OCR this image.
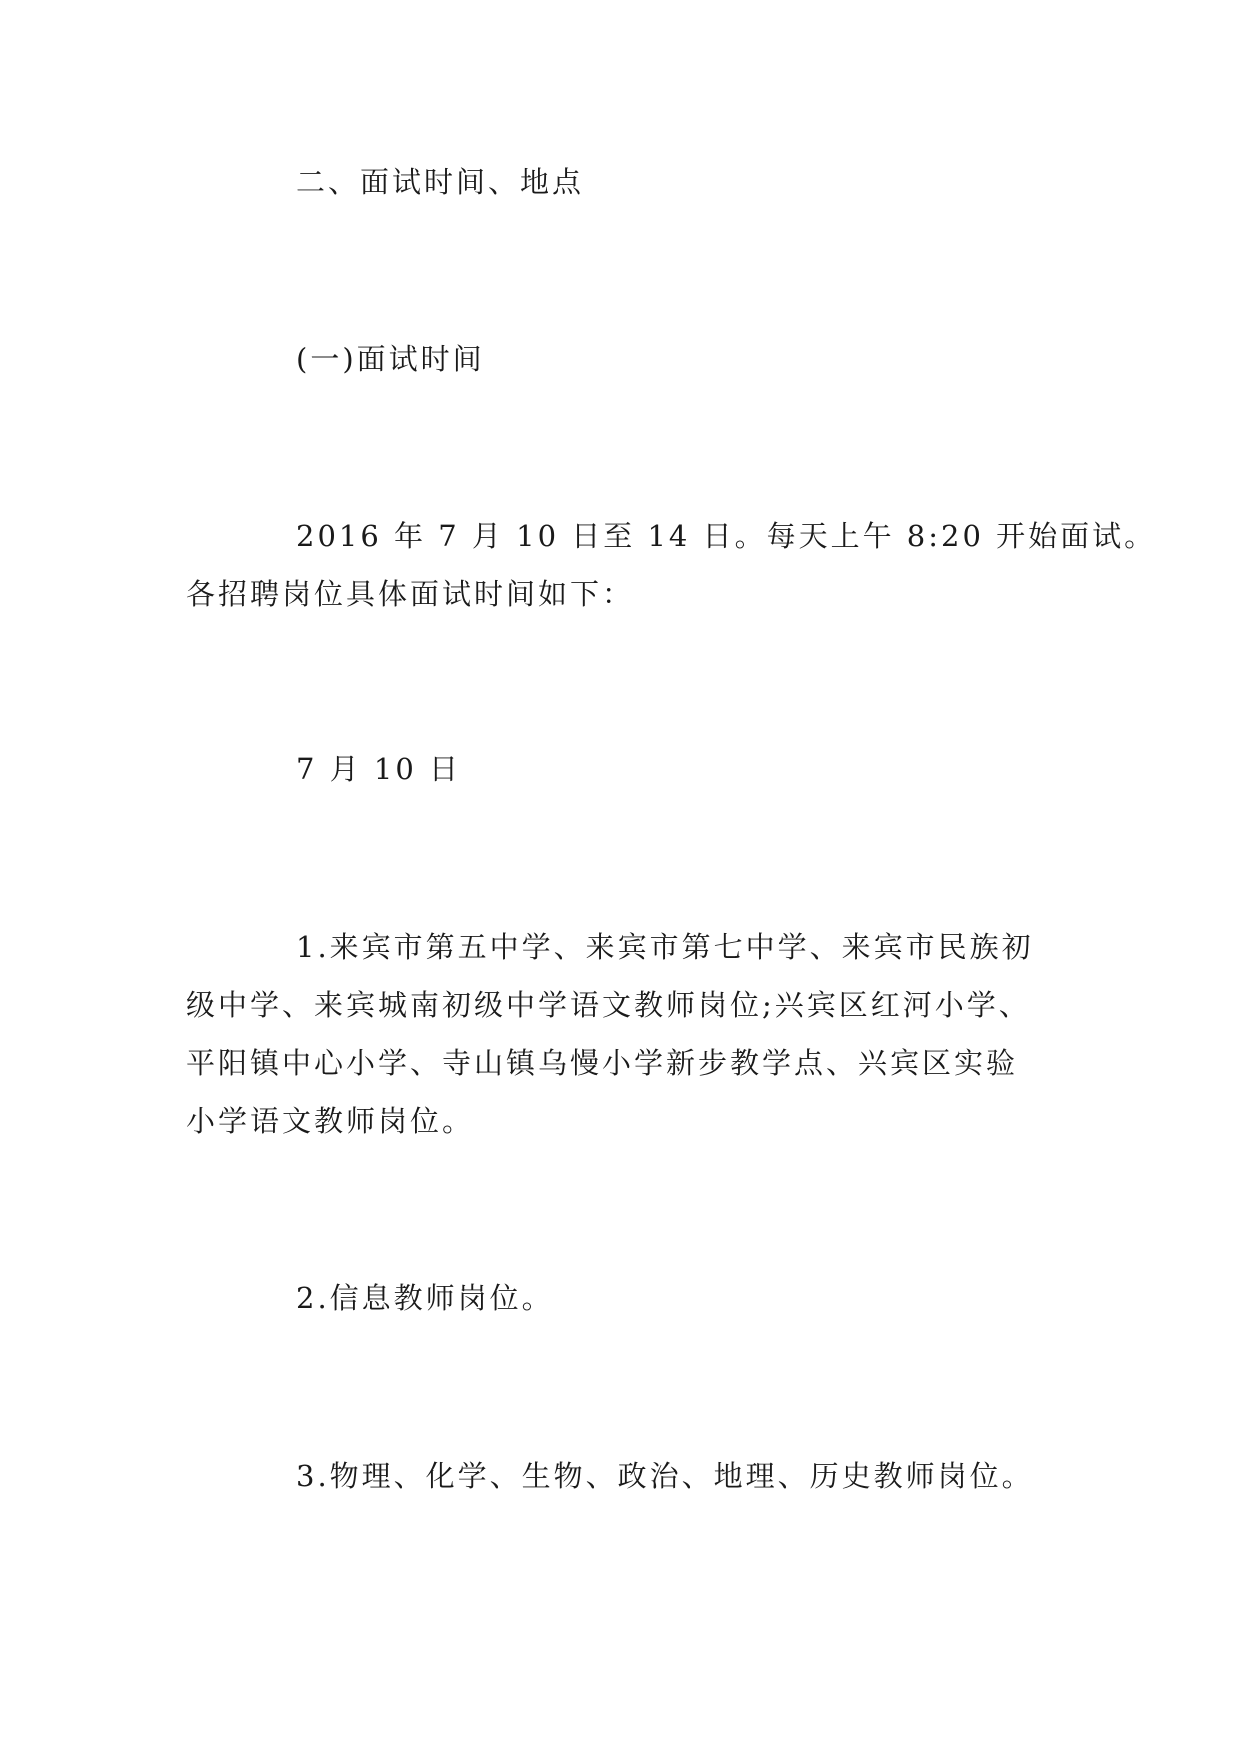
二、面试时间、地点
(一)面试时间
2016 年 7 月 10 日至 14 日。每天上午 8:20 开始面试。
各招聘岗位具体面试时间如下：
7 月 10 日
1.来宾市第五中学、来宾市第七中学、来宾市民族初
级中学、来宾城南初级中学语文教师岗位;兴宾区红河小学、
平阳镇中心小学、寺山镇乌慢小学新步教学点、兴宾区实验
小学语文教师岗位。
2.信息教师岗位。
3.物理、化学、生物、政治、地理、历史教师岗位。
